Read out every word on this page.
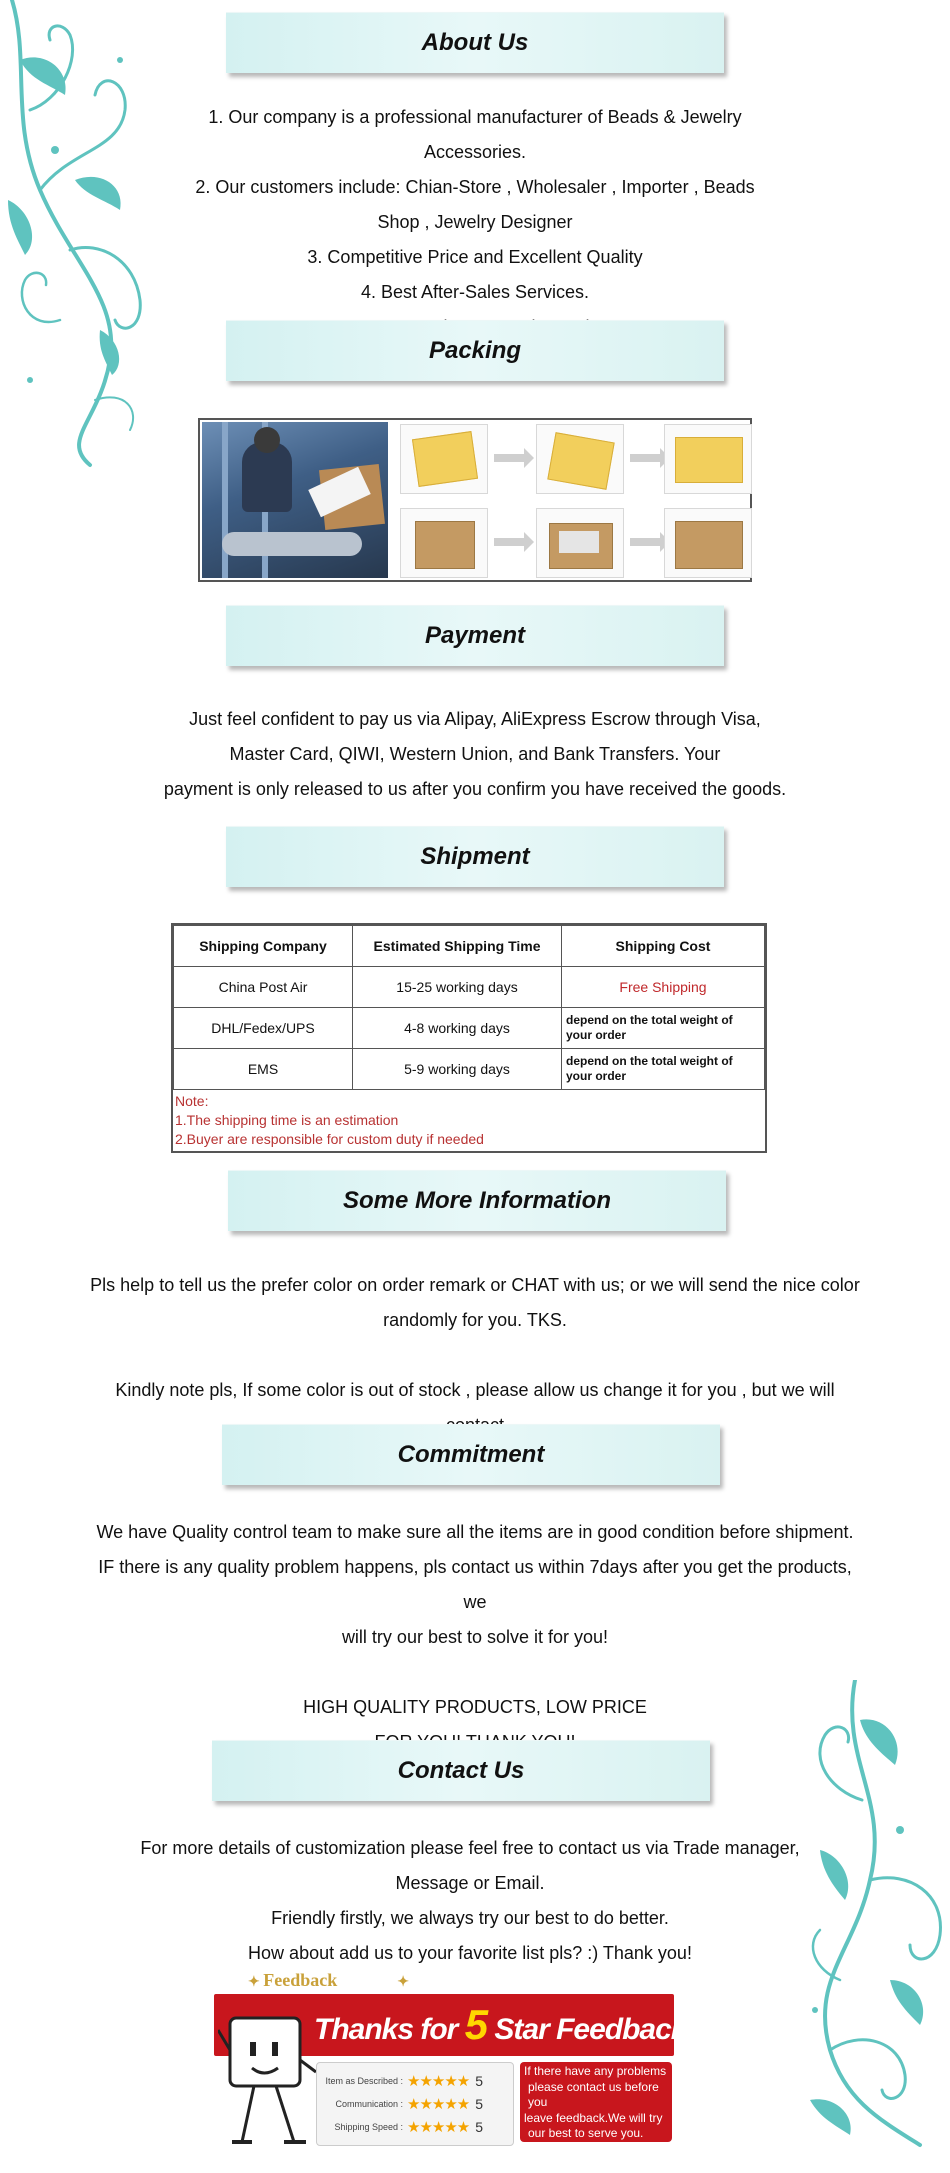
About Us
1. Our company is a professional manufacturer of Beads & Jewelry Accessories.
2. Our customers include: Chian-Store , Wholesaler , Importer , Beads
Shop , Jewelry Designer
3. Competitive Price and Excellent Quality
4. Best After-Sales Services.
Packing
Payment
Just feel confident to pay us via Alipay, AliExpress Escrow through Visa,
Master Card, QIWI, Western Union, and Bank Transfers. Your
payment is only released to us after you confirm you have received the goods.
Shipment
Shipping Company	Estimated Shipping Time	Shipping Cost
China Post Air	15-25 working days	Free Shipping
DHL/Fedex/UPS	4-8 working days	depend on the total weight of your order
EMS	5-9 working days	depend on the total weight of your order
Note:
1.The shipping time is an estimation
2.Buyer are responsible for custom duty if needed
Some More Information
Pls help to tell us the prefer color on order remark or CHAT with us; or we will send the nice color
randomly for you. TKS.
Kindly note pls, If some color is out of stock , please allow us change it for you , but we will
Commitment
We have Quality control team to make sure all the items are in good condition before shipment.
IF there is any quality problem happens, pls contact us within 7days after you get the products, we
will try our best to solve it for you!
HIGH QUALITY PRODUCTS, LOW PRICE
Contact Us
For more details of customization please feel free to contact us via Trade manager,
Message or Email.
Friendly firstly, we always try our best to do better.
How about add us to your favorite list pls? :) Thank you!
✦ Feedback	✦
Thanks for 5 Star Feedback!
Item as Described : ★★★★★ 5
Communication : ★★★★★ 5
Shipping Speed : ★★★★★ 5
If there have any problems
please contact us before you
leave feedback.We will try
our best to serve you.
Thank ou and best wishes!
